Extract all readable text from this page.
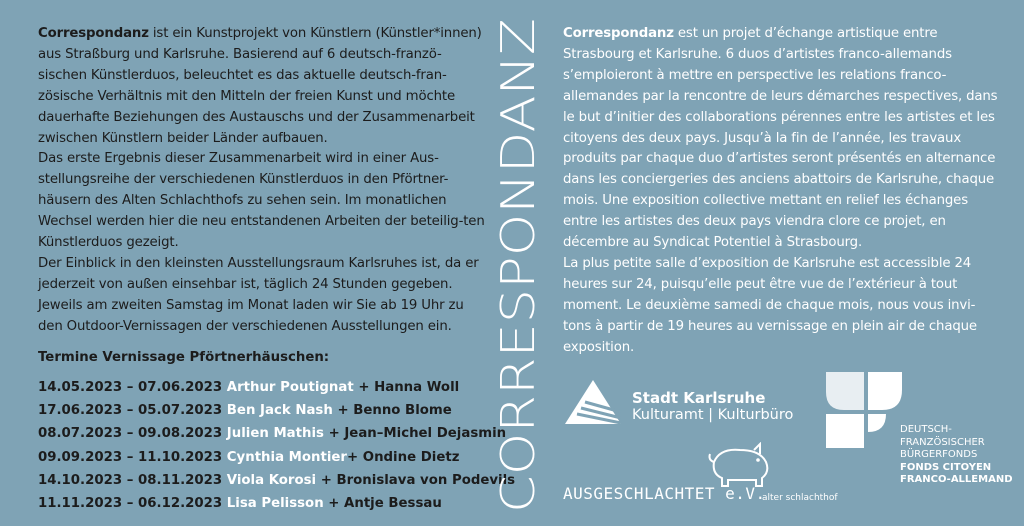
Correspondanz ist ein Kunstprojekt von Künstlern (Künstler*innen) aus Straßburg und Karlsruhe. Basierend auf 6 deutsch-franzö-sischen Künstlerduos, beleuchtet es das aktuelle deutsch-fran-zösische Verhältnis mit den Mitteln der freien Kunst und möchte dauerhafte Beziehungen des Austauschs und der Zusammenarbeit zwischen Künstlern beider Länder aufbauen.

Das erste Ergebnis dieser Zusammenarbeit wird in einer Aus-stellungsreihe der verschiedenen Künstlerduos in den Pförtner-häusern des Alten Schlachthofs zu sehen sein. Im monatlichen Wechsel werden hier die neu entstandenen Arbeiten der beteilig-ten Künstlerduos gezeigt.

Der Einblick in den kleinsten Ausstellungsraum Karlsruhes ist, da er jederzeit von außen einsehbar ist, täglich 24 Stunden gegeben. Jeweils am zweiten Samstag im Monat laden wir Sie ab 19 Uhr zu den Outdoor-Vernissagen der verschiedenen Ausstellungen ein.

Termine Vernissage Pförtnerhäuschen:
14.05.2023 – 07.06.2023 Arthur Poutignat + Hanna Woll
17.06.2023 – 05.07.2023 Ben Jack Nash + Benno Blome
08.07.2023 – 09.08.2023 Julien Mathis + Jean–Michel Dejasmin
09.09.2023 – 11.10.2023 Cynthia Montier+ Ondine Dietz
14.10.2023 – 08.11.2023 Viola Korosi + Bronislava von Podevils
11.11.2023 – 06.12.2023 Lisa Pelisson + Antje Bessau	CORRESPONDANZ

Correspondanz est un projet d’échange artistique entre Strasbourg et Karlsruhe. 6 duos d’artistes franco-allemands s’emploieront à mettre en perspective les relations franco-allemandes par la rencontre de leurs démarches respectives, dans le but d’initier des collaborations pérennes entre les artistes et les citoyens des deux pays. Jusqu’à la fin de l’année, les travaux produits par chaque duo d’artistes seront présentés en alternance dans les conciergeries des anciens abattoirs de Karlsruhe, chaque mois. Une exposition collective mettant en relief les échanges entre les artistes des deux pays viendra clore ce projet, en décembre au Syndicat Potentiel à Strasbourg.

La plus petite salle d’exposition de Karlsruhe est accessible 24 heures sur 24, puisqu’elle peut être vue de l’extérieur à tout moment. Le deuxième samedi de chaque mois, nous vous invi-tons à partir de 19 heures au vernissage en plein air de chaque exposition.

Stadt Karlsruhe
Kulturamt | Kulturbüro
DEUTSCH-
FRANZÖSISCHER
BÜRGERFONDS
FONDS CITOYEN
FRANCO-ALLEMAND
AUSGESCHLACHTET e.V.
alter schlachthof
